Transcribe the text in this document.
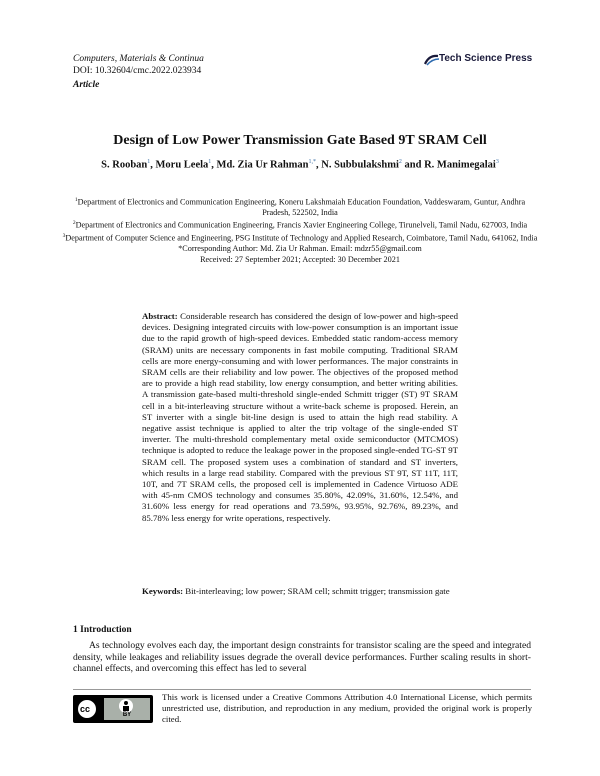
Computers, Materials & Continua
DOI: 10.32604/cmc.2022.023934
Article
Tech Science Press
Design of Low Power Transmission Gate Based 9T SRAM Cell
S. Rooban$^1$, Moru Leela$^1$, Md. Zia Ur Rahman$^{1,*}$, N. Subbulakshmi$^2$ and R. Manimegalai$^3$

$^1$Department of Electronics and Communication Engineering, Koneru Lakshmaiah Education Foundation, Vaddeswaram, Guntur, Andhra Pradesh, 522502, India

$^2$Department of Electronics and Communication Engineering, Francis Xavier Engineering College, Tirunelveli, Tamil Nadu, 627003, India

$^3$Department of Computer Science and Engineering, PSG Institute of Technology and Applied Research, Coimbatore, Tamil Nadu, 641062, India

*Corresponding Author: Md. Zia Ur Rahman. Email: mdzr55@gmail.com

Received: 27 September 2021; Accepted: 30 December 2021

Abstract: Considerable research has considered the design of low-power and high-speed devices. Designing integrated circuits with low-power consumption is an important issue due to the rapid growth of high-speed devices. Embedded static random-access memory (SRAM) units are necessary components in fast mobile computing. Traditional SRAM cells are more energy-consuming and with lower performances. The major constraints in SRAM cells are their reliability and low power. The objectives of the proposed method are to provide a high read stability, low energy consumption, and better writing abilities. A transmission gate-based multi-threshold single-ended Schmitt trigger (ST) 9T SRAM cell in a bit-interleaving structure without a write-back scheme is proposed. Herein, an ST inverter with a single bit-line design is used to attain the high read stability. A negative assist technique is applied to alter the trip voltage of the single-ended ST inverter. The multi-threshold complementary metal oxide semiconductor (MTCMOS) technique is adopted to reduce the leakage power in the proposed single-ended TG-ST 9T SRAM cell. The proposed system uses a combination of standard and ST inverters, which results in a large read stability. Compared with the previous ST 9T, ST 11T, 11T, 10T, and 7T SRAM cells, the proposed cell is implemented in Cadence Virtuoso ADE with 45-nm CMOS technology and consumes 35.80%, 42.09%, 31.60%, 12.54%, and 31.60% less energy for read operations and 73.59%, 93.95%, 92.76%, 89.23%, and 85.78% less energy for write operations, respectively.
Keywords: Bit-interleaving; low power; SRAM cell; schmitt trigger; transmission gate
1 Introduction
As technology evolves each day, the important design constraints for transistor scaling are the speed and integrated density, while leakages and reliability issues degrade the overall device performances. Further scaling results in short-channel effects, and overcoming this effect has led to several
cc
BY
This work is licensed under a Creative Commons Attribution 4.0 International License, which permits unrestricted use, distribution, and reproduction in any medium, provided the original work is properly cited.
